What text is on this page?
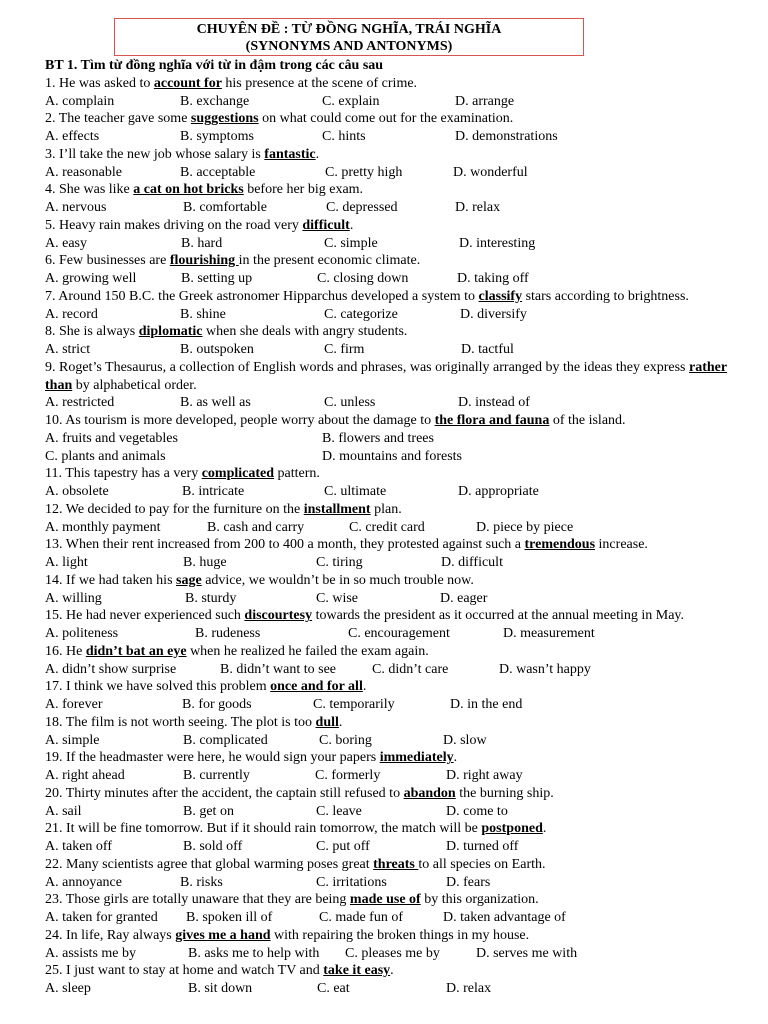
CHUYÊN ĐỀ : TỪ ĐỒNG NGHĨA, TRÁI NGHĨA
(SYNONYMS AND ANTONYMS)
BT 1. Tìm từ đồng nghĩa với từ in đậm trong các câu sau
1. He was asked to account for his presence at the scene of crime.
A. complain	B. exchange	C. explain	D. arrange
2. The teacher gave some suggestions on what could come out for the examination.
A. effects	B. symptoms	C. hints	D. demonstrations
3. I’ll take the new job whose salary is fantastic.
A. reasonable	B. acceptable	C. pretty high	D. wonderful
4. She was like a cat on hot bricks before her big exam.
A. nervous	B. comfortable	C. depressed	D. relax
5. Heavy rain makes driving on the road very difficult.
A. easy	B. hard	C. simple	D. interesting
6. Few businesses are flourishing in the present economic climate.
A. growing well	B. setting up	C. closing down	D. taking off
7. Around 150 B.C. the Greek astronomer Hipparchus developed a system to classify stars according to brightness.
A. record	B. shine	C. categorize	D. diversify
8. She is always diplomatic when she deals with angry students.
A. strict	B. outspoken	C. firm	D. tactful
9. Roget’s Thesaurus, a collection of English words and phrases, was originally arranged by the ideas they express rather than by alphabetical order.
A. restricted	B. as well as	C. unless	D. instead of
10. As tourism is more developed, people worry about the damage to the flora and fauna of the island.
A. fruits and vegetables	B. flowers and trees
C. plants and animals	D. mountains and forests
11. This tapestry has a very complicated pattern.
A. obsolete	B. intricate	C. ultimate	D. appropriate
12. We decided to pay for the furniture on the installment plan.
A. monthly payment	B. cash and carry	C. credit card	D. piece by piece
13. When their rent increased from 200 to 400 a month, they protested against such a tremendous increase.
A. light	B. huge	C. tiring	D. difficult
14. If we had taken his sage advice, we wouldn’t be in so much trouble now.
A. willing	B. sturdy	C. wise	D. eager
15. He had never experienced such discourtesy towards the president as it occurred at the annual meeting in May.
A. politeness	B. rudeness	C. encouragement	D. measurement
16. He didn’t bat an eye when he realized he failed the exam again.
A. didn’t show surprise	B. didn’t want to see	C. didn’t care	D. wasn’t happy
17. I think we have solved this problem once and for all.
A. forever	B. for goods	C. temporarily	D. in the end
18. The film is not worth seeing. The plot is too dull.
A. simple	B. complicated	C. boring	D. slow
19. If the headmaster were here, he would sign your papers immediately.
A. right ahead	B. currently	C. formerly	D. right away
20. Thirty minutes after the accident, the captain still refused to abandon the burning ship.
A. sail	B. get on	C. leave	D. come to
21. It will be fine tomorrow. But if it should rain tomorrow, the match will be postponed.
A. taken off	B. sold off	C. put off	D. turned off
22. Many scientists agree that global warming poses great threats to all species on Earth.
A. annoyance	B. risks	C. irritations	D. fears
23. Those girls are totally unaware that they are being made use of by this organization.
A. taken for granted B. spoken ill of	C. made fun of	D. taken advantage of
24. In life, Ray always gives me a hand with repairing the broken things in my house.
A. assists me by	B. asks me to help with C. pleases me by	D. serves me with
25. I just want to stay at home and watch TV and take it easy.
A. sleep	B. sit down	C. eat	D. relax
